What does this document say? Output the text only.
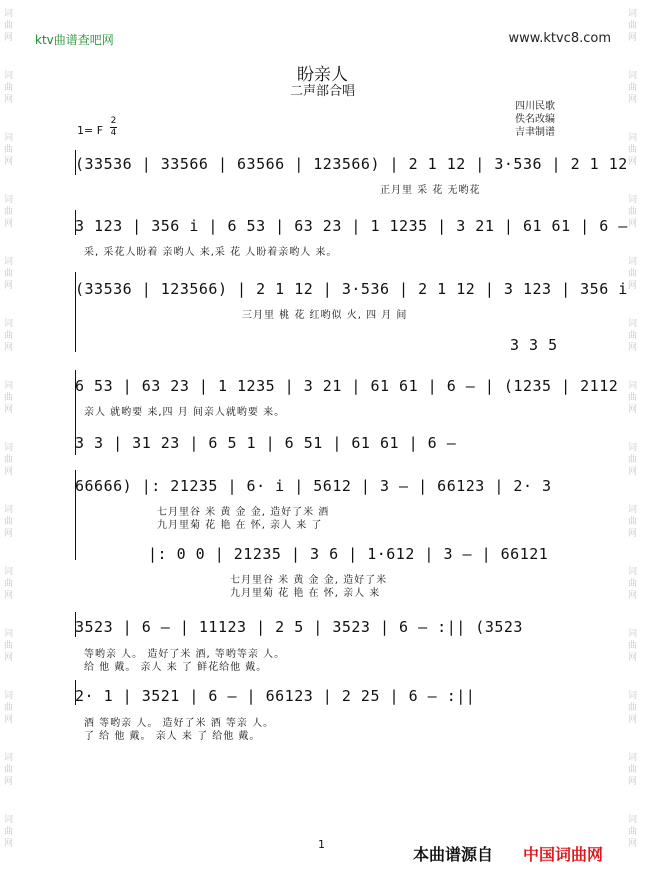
ktv曲谱查吧网	www.ktvc8.com
词
曲
网
词
曲
网
词
曲
网
词
曲
网
词
曲
网
词
曲
网
词
曲
网
词
曲
网
词
曲
网
词
曲
网
词
曲
网
词
曲
网
词
曲
网
词
曲
网
词
曲
网
词
曲
网
词
曲
网
词
曲
网
词
曲
网
词
曲
网
词
曲
网
词
曲
网
词
曲
网
词
曲
网
词
曲
网
词
曲
网
词
曲
网
词
曲
网
盼亲人
二声部合唱
四川民歌
佚名改编
吉聿制谱
1= F
2
4
(33536 | 33566 | 63566 | 123566) | 2 1 12 | 3·536 | 2 1 12
正月里 采 花 无哟花
3 123 | 356 i | 6 53 | 63 23 | 1 1235 | 3 21 | 61 61 | 6 —
采, 采花人盼着 亲哟人 来,采 花 人盼着亲哟人 来。
(33536 | 123566) | 2 1 12 | 3·536 | 2 1 12 | 3 123 | 356 i
三月里 桃 花 红哟似 火, 四 月 间
3 3 5
6 53 | 63 23 | 1 1235 | 3 21 | 61 61 | 6 — | (1235 | 2112
亲人 就哟要 来,四 月 间亲人就哟要 来。
3 3 | 31 23 | 6 5 1 | 6 51 | 61 61 | 6 —
66666) |: 21235 | 6· i | 5612 | 3 — | 66123 | 2· 3
七月里谷 米 黄 金 金, 造好了米 酒
九月里菊 花 艳 在 怀, 亲人 来 了
|: 0 0 | 21235 | 3 6 | 1·612 | 3 — | 66121
七月里谷 米 黄 金 金, 造好了米
九月里菊 花 艳 在 怀, 亲人 来
3523 | 6 — | 11123 | 2 5 | 3523 | 6 — :|| (3523
等哟亲 人。 造好了米 酒, 等哟等亲 人。
给 他 戴。 亲人 来 了 鲜花给他 戴。
2· 1 | 3521 | 6 — | 66123 | 2 25 | 6 — :||
酒 等哟亲 人。 造好了米 酒 等亲 人。
了 给 他 戴。 亲人 来 了 给他 戴。
1
本曲谱源自 中国词曲网
